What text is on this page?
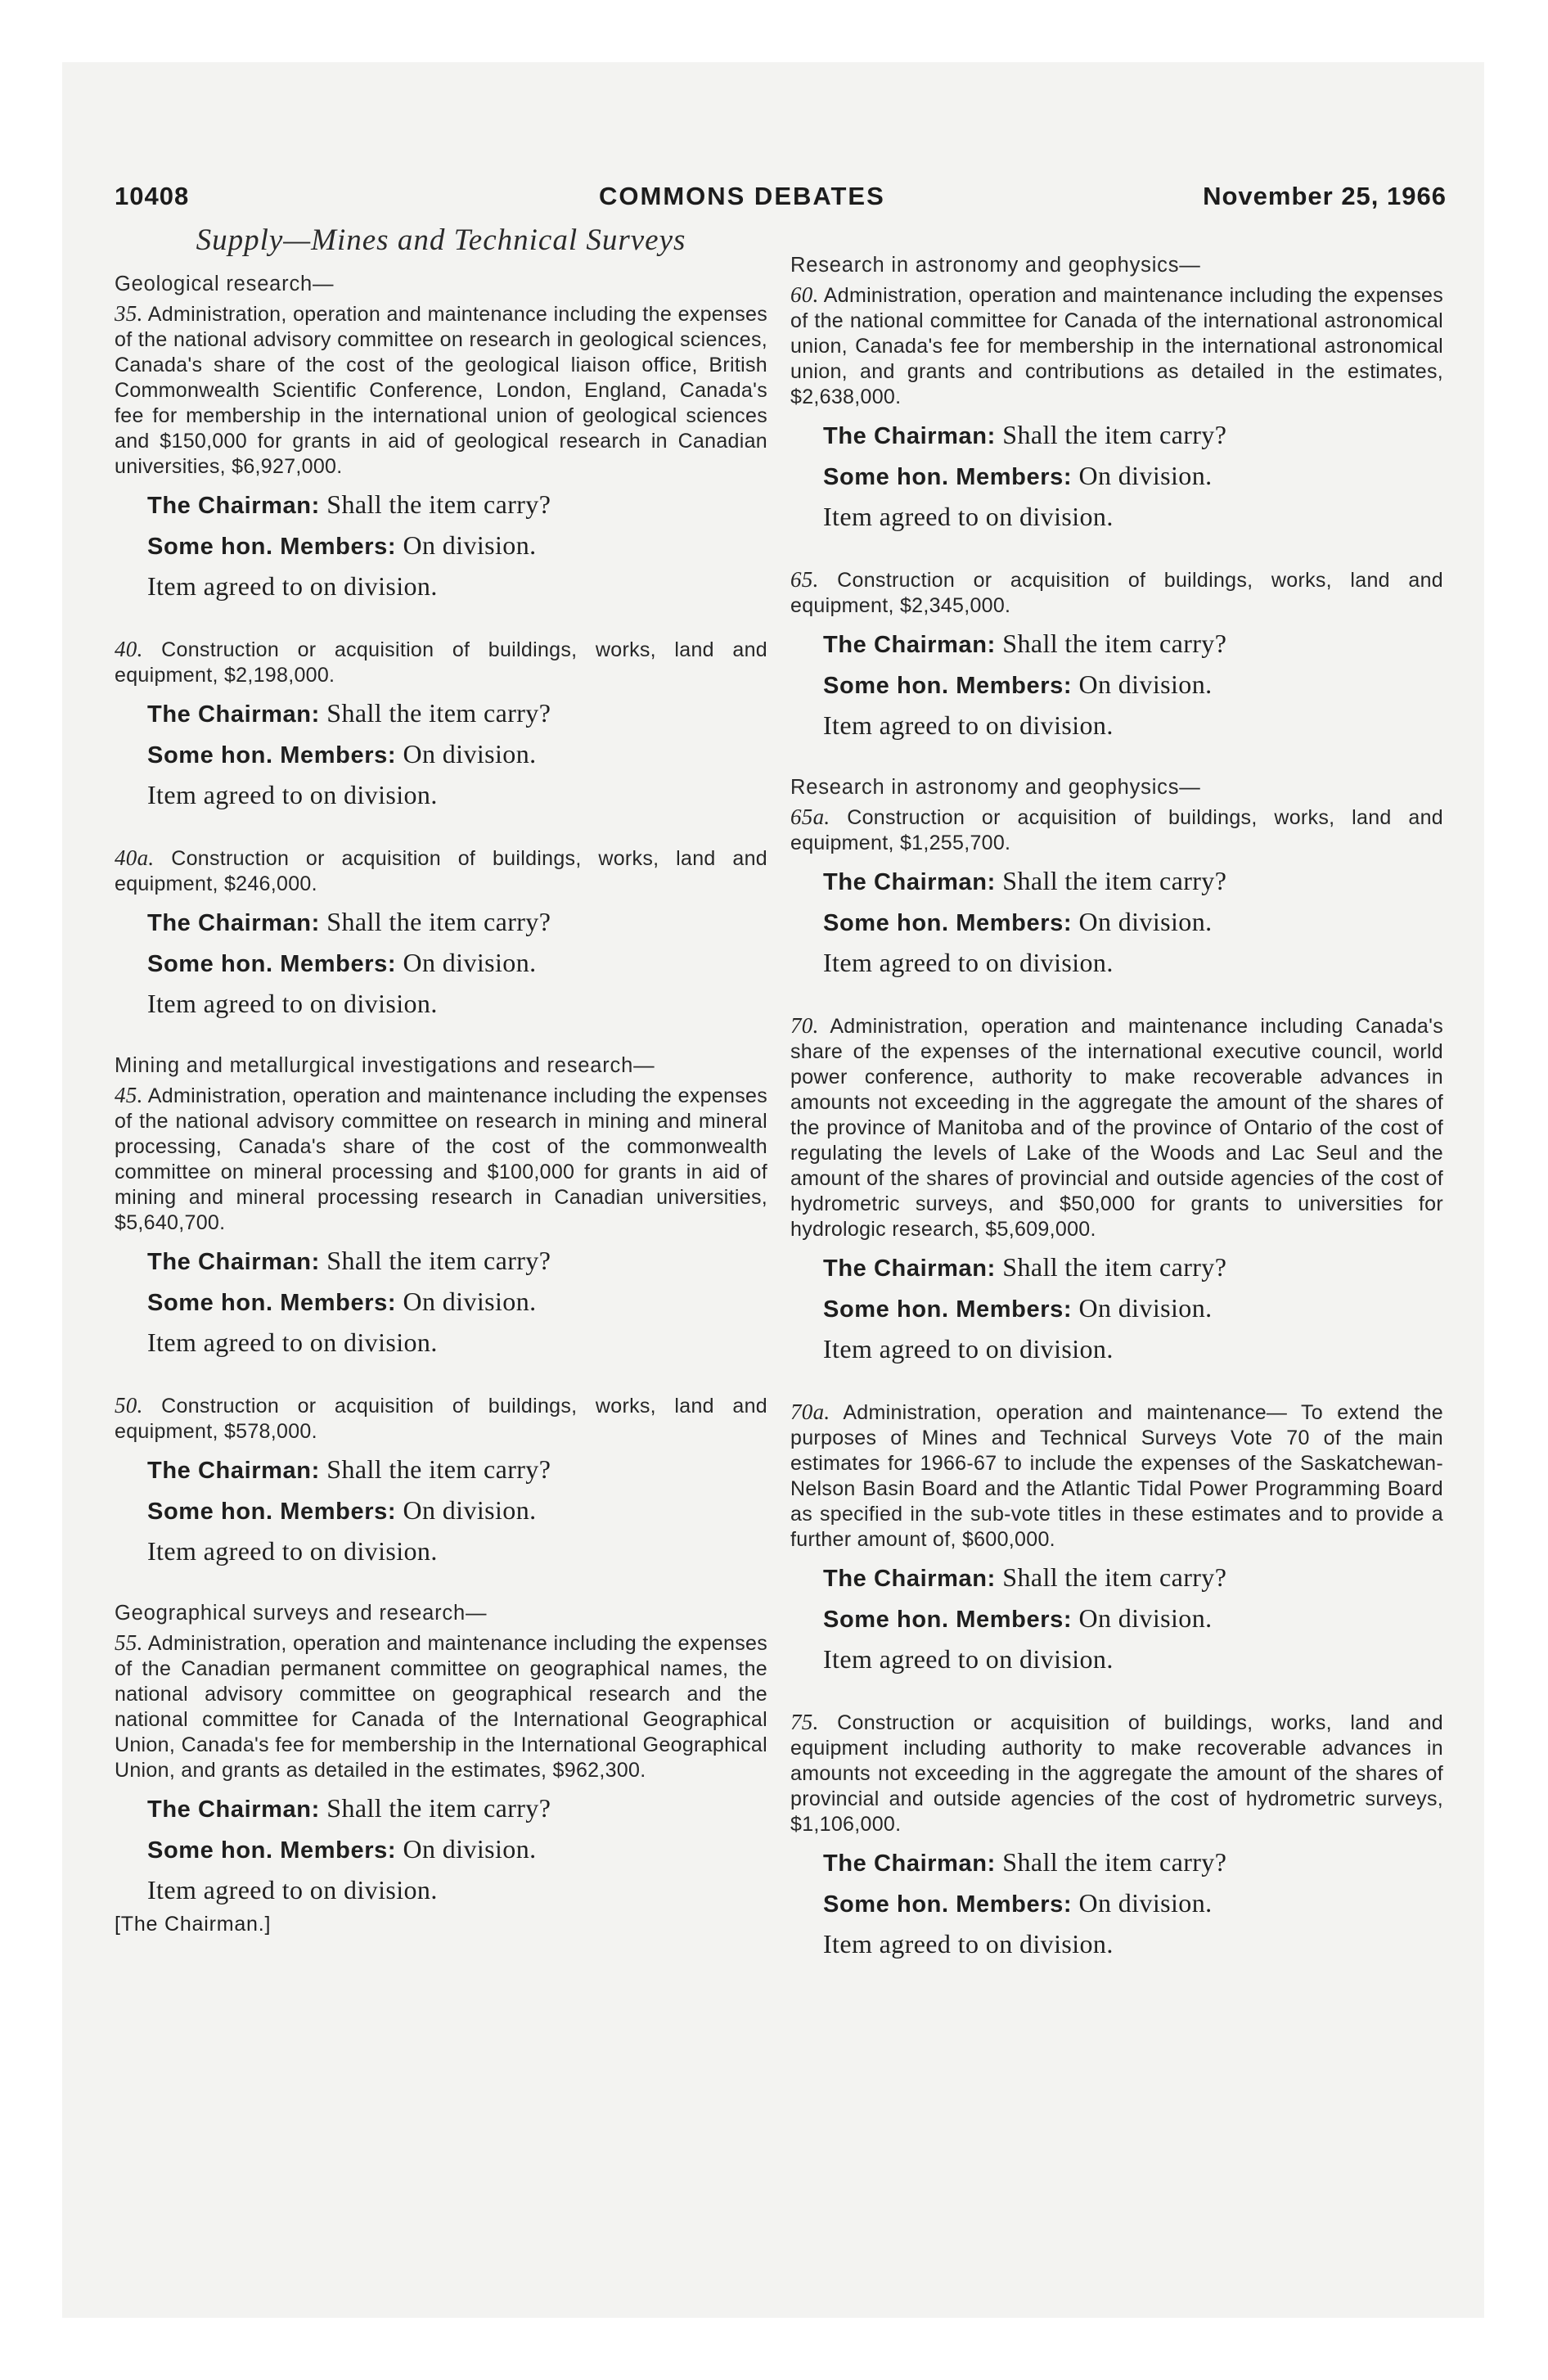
10408	COMMONS DEBATES	November 25, 1966
Supply—Mines and Technical Surveys
Geological research—

35. Administration, operation and maintenance including the expenses of the national advisory committee on research in geological sciences, Canada's share of the cost of the geological liaison office, British Commonwealth Scientific Conference, London, England, Canada's fee for membership in the international union of geological sciences and $150,000 for grants in aid of geological research in Canadian universities, $6,927,000.

The Chairman: Shall the item carry?

Some hon. Members: On division.

Item agreed to on division.

40. Construction or acquisition of buildings, works, land and equipment, $2,198,000.

The Chairman: Shall the item carry?

Some hon. Members: On division.

Item agreed to on division.

40a. Construction or acquisition of buildings, works, land and equipment, $246,000.

The Chairman: Shall the item carry?

Some hon. Members: On division.

Item agreed to on division.

Mining and metallurgical investigations and research—

45. Administration, operation and maintenance including the expenses of the national advisory committee on research in mining and mineral processing, Canada's share of the cost of the commonwealth committee on mineral processing and $100,000 for grants in aid of mining and mineral processing research in Canadian universities, $5,640,700.

The Chairman: Shall the item carry?

Some hon. Members: On division.

Item agreed to on division.

50. Construction or acquisition of buildings, works, land and equipment, $578,000.

The Chairman: Shall the item carry?

Some hon. Members: On division.

Item agreed to on division.

Geographical surveys and research—

55. Administration, operation and maintenance including the expenses of the Canadian permanent committee on geographical names, the national advisory committee on geographical research and the national committee for Canada of the International Geographical Union, Canada's fee for membership in the International Geographical Union, and grants as detailed in the estimates, $962,300.

The Chairman: Shall the item carry?

Some hon. Members: On division.

Item agreed to on division.

[The Chairman.]

Research in astronomy and geophysics—

60. Administration, operation and maintenance including the expenses of the national committee for Canada of the international astronomical union, Canada's fee for membership in the international astronomical union, and grants and contributions as detailed in the estimates, $2,638,000.

The Chairman: Shall the item carry?

Some hon. Members: On division.

Item agreed to on division.

65. Construction or acquisition of buildings, works, land and equipment, $2,345,000.

The Chairman: Shall the item carry?

Some hon. Members: On division.

Item agreed to on division.

Research in astronomy and geophysics—

65a. Construction or acquisition of buildings, works, land and equipment, $1,255,700.

The Chairman: Shall the item carry?

Some hon. Members: On division.

Item agreed to on division.

70. Administration, operation and maintenance including Canada's share of the expenses of the international executive council, world power conference, authority to make recoverable advances in amounts not exceeding in the aggregate the amount of the shares of the province of Manitoba and of the province of Ontario of the cost of regulating the levels of Lake of the Woods and Lac Seul and the amount of the shares of provincial and outside agencies of the cost of hydrometric surveys, and $50,000 for grants to universities for hydrologic research, $5,609,000.

The Chairman: Shall the item carry?

Some hon. Members: On division.

Item agreed to on division.

70a. Administration, operation and maintenance— To extend the purposes of Mines and Technical Surveys Vote 70 of the main estimates for 1966-67 to include the expenses of the Saskatchewan-Nelson Basin Board and the Atlantic Tidal Power Programming Board as specified in the sub-vote titles in these estimates and to provide a further amount of, $600,000.

The Chairman: Shall the item carry?

Some hon. Members: On division.

Item agreed to on division.

75. Construction or acquisition of buildings, works, land and equipment including authority to make recoverable advances in amounts not exceeding in the aggregate the amount of the shares of provincial and outside agencies of the cost of hydrometric surveys, $1,106,000.

The Chairman: Shall the item carry?

Some hon. Members: On division.

Item agreed to on division.
